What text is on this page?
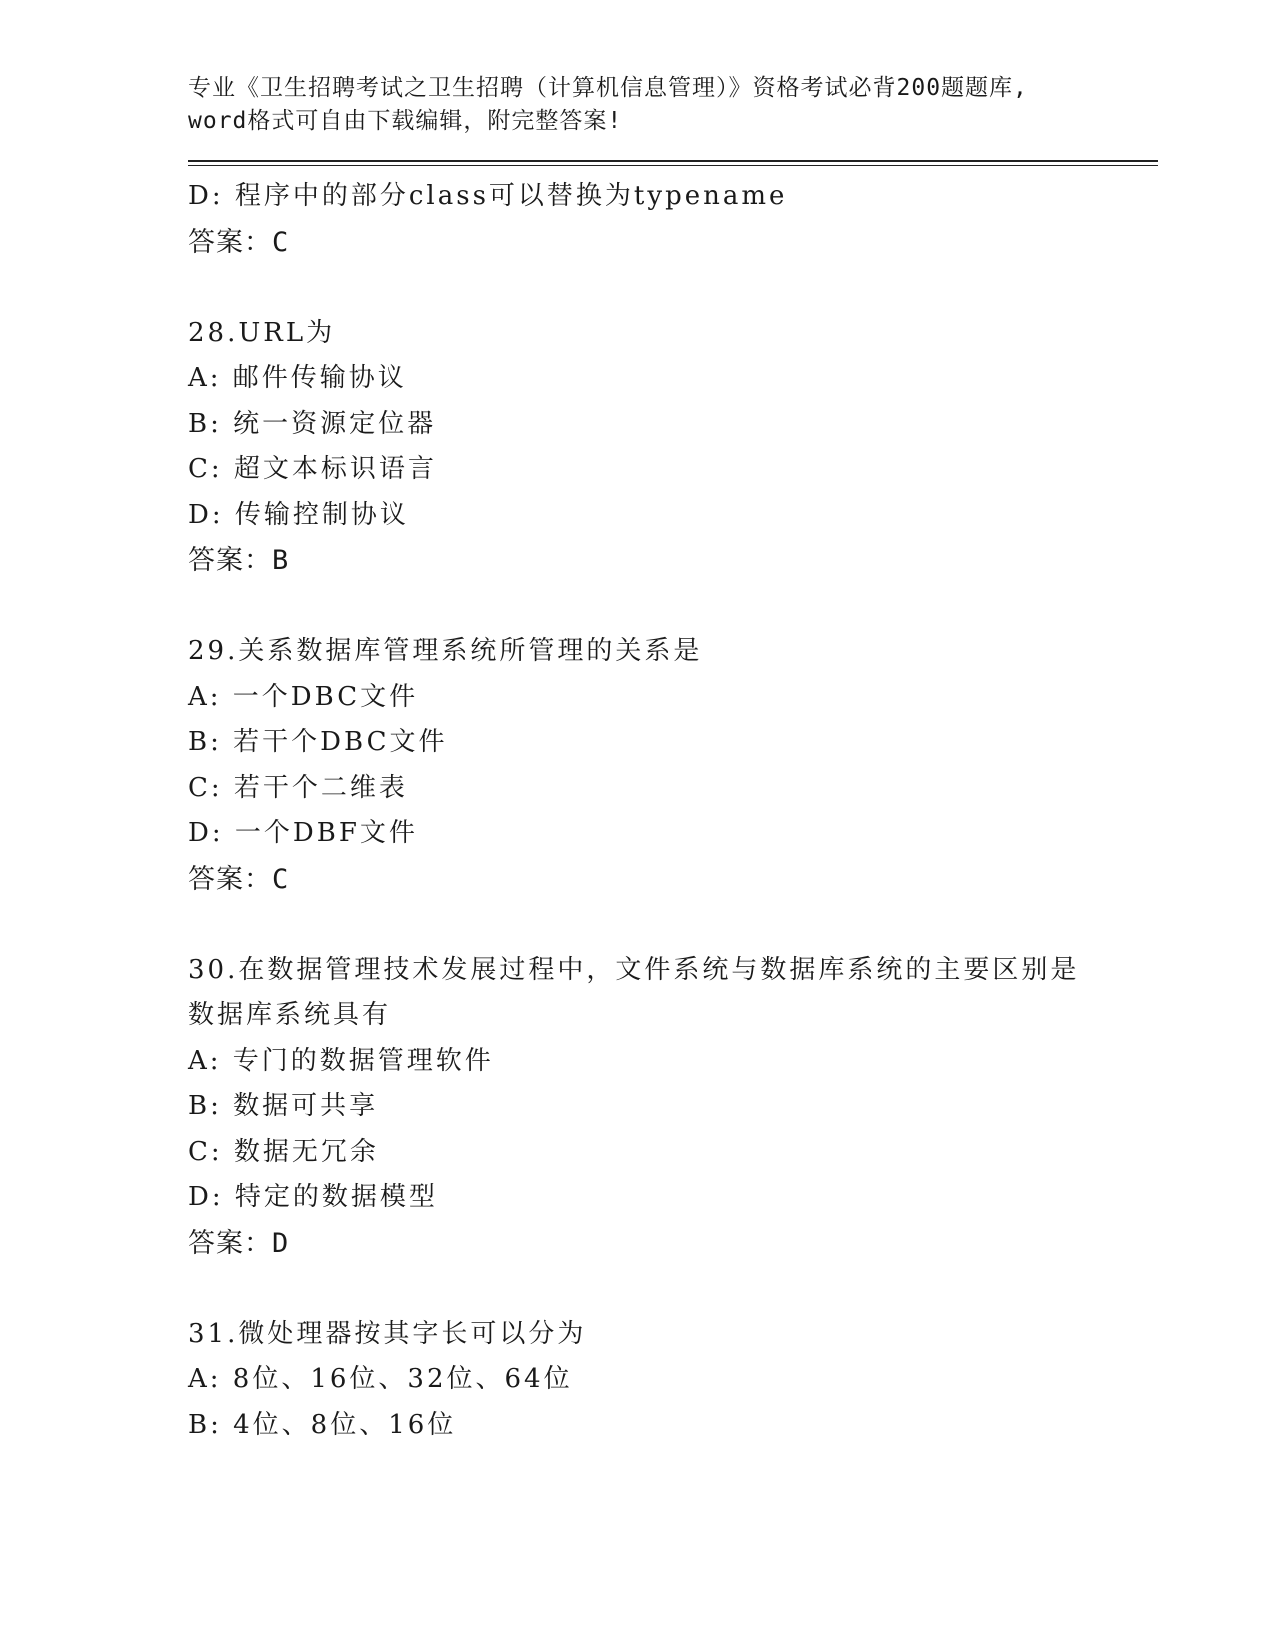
专业《卫生招聘考试之卫生招聘（计算机信息管理）》资格考试必背200题题库,

word格式可自由下载编辑，附完整答案!

D: 程序中的部分class可以替换为typename
答案：C
28.URL为
A: 邮件传输协议
B: 统一资源定位器
C: 超文本标识语言
D: 传输控制协议
答案：B
29.关系数据库管理系统所管理的关系是
A: 一个DBC文件
B: 若干个DBC文件
C: 若干个二维表
D: 一个DBF文件
答案：C
30.在数据管理技术发展过程中，文件系统与数据库系统的主要区别是
数据库系统具有
A: 专门的数据管理软件
B: 数据可共享
C: 数据无冗余
D: 特定的数据模型
答案：D
31.微处理器按其字长可以分为
A: 8位、16位、32位、64位
B: 4位、8位、16位
